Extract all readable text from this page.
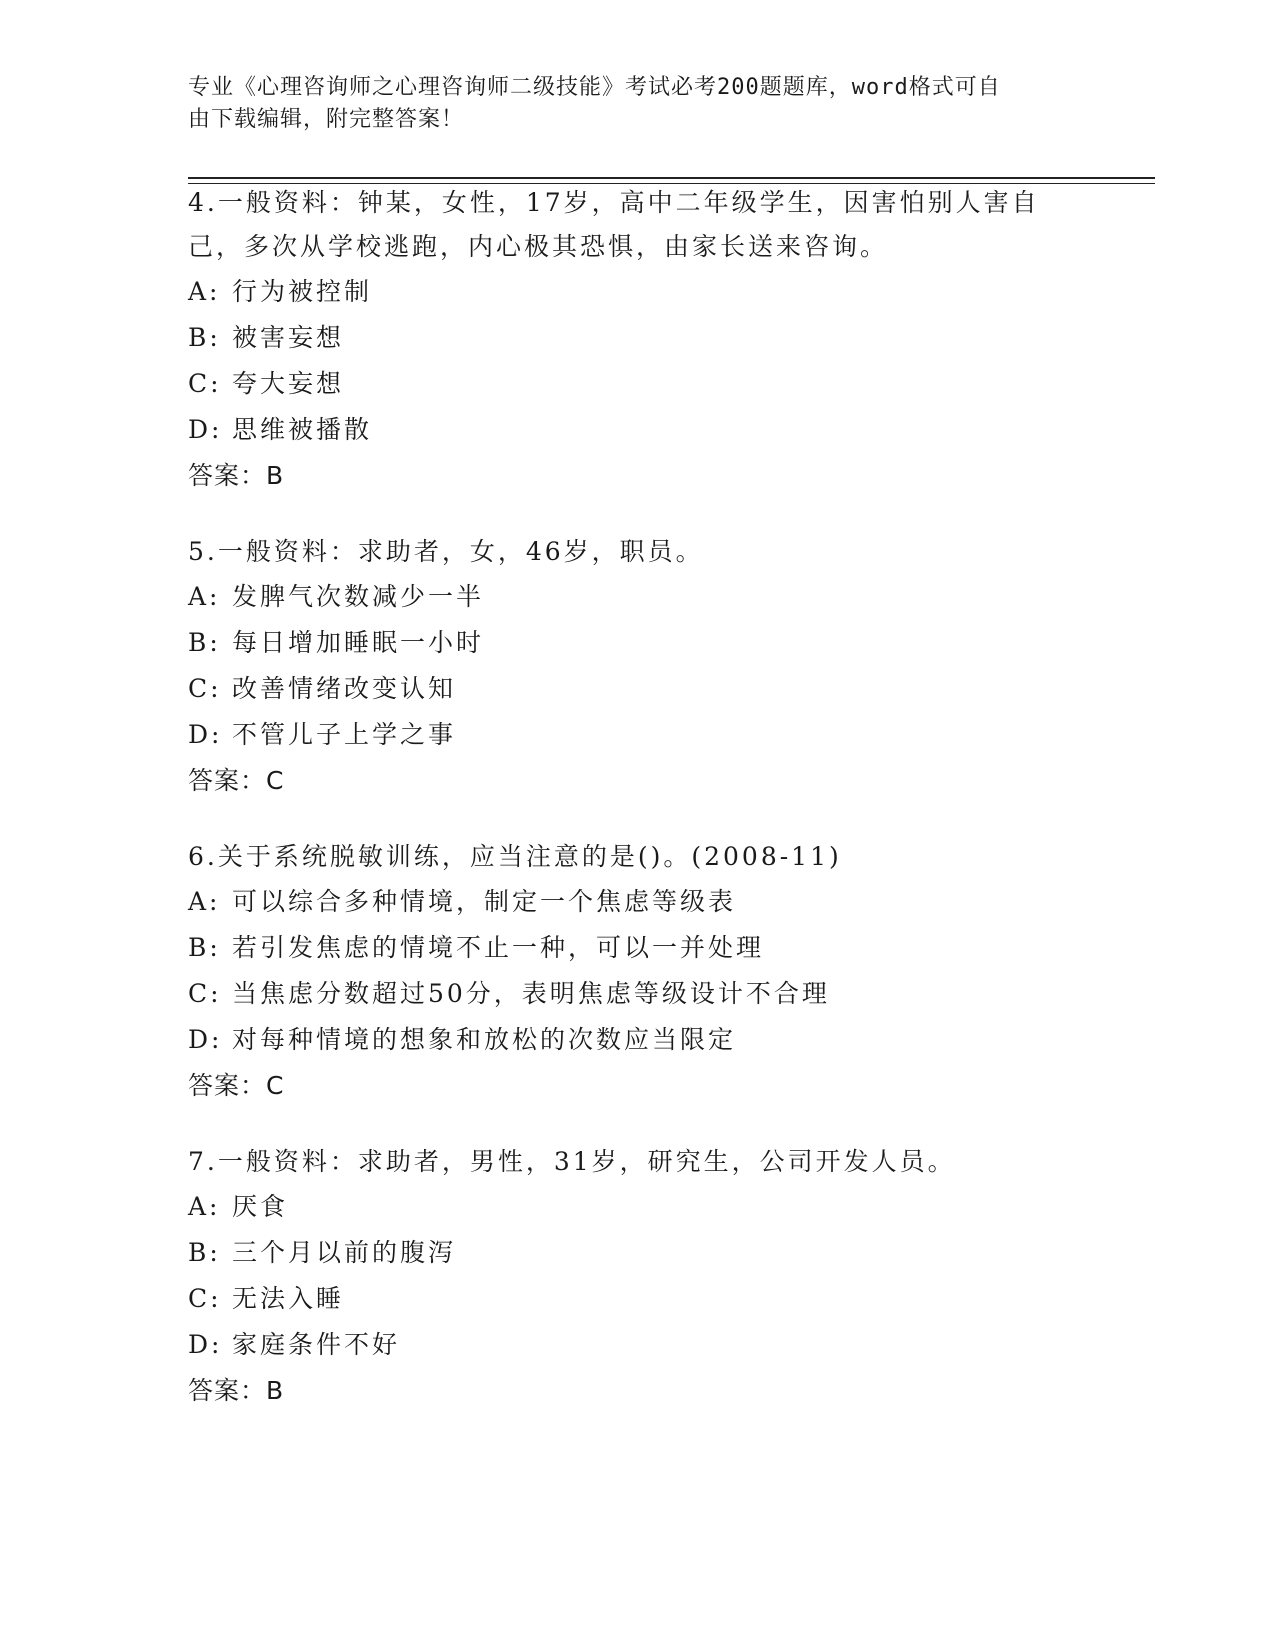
专业《心理咨询师之心理咨询师二级技能》考试必考200题题库，word格式可自
由下载编辑，附完整答案！

4.一般资料：钟某，女性，17岁，高中二年级学生，因害怕别人害自

己，多次从学校逃跑，内心极其恐惧，由家长送来咨询。

A: 行为被控制

B: 被害妄想

C: 夸大妄想

D: 思维被播散

答案：B

5.一般资料：求助者，女，46岁，职员。

A: 发脾气次数减少一半

B: 每日增加睡眠一小时

C: 改善情绪改变认知

D: 不管儿子上学之事

答案：C

6.关于系统脱敏训练，应当注意的是()。(2008-11)

A: 可以综合多种情境，制定一个焦虑等级表

B: 若引发焦虑的情境不止一种，可以一并处理

C: 当焦虑分数超过50分，表明焦虑等级设计不合理

D: 对每种情境的想象和放松的次数应当限定

答案：C

7.一般资料：求助者，男性，31岁，研究生，公司开发人员。

A: 厌食

B: 三个月以前的腹泻

C: 无法入睡

D: 家庭条件不好

答案：B
